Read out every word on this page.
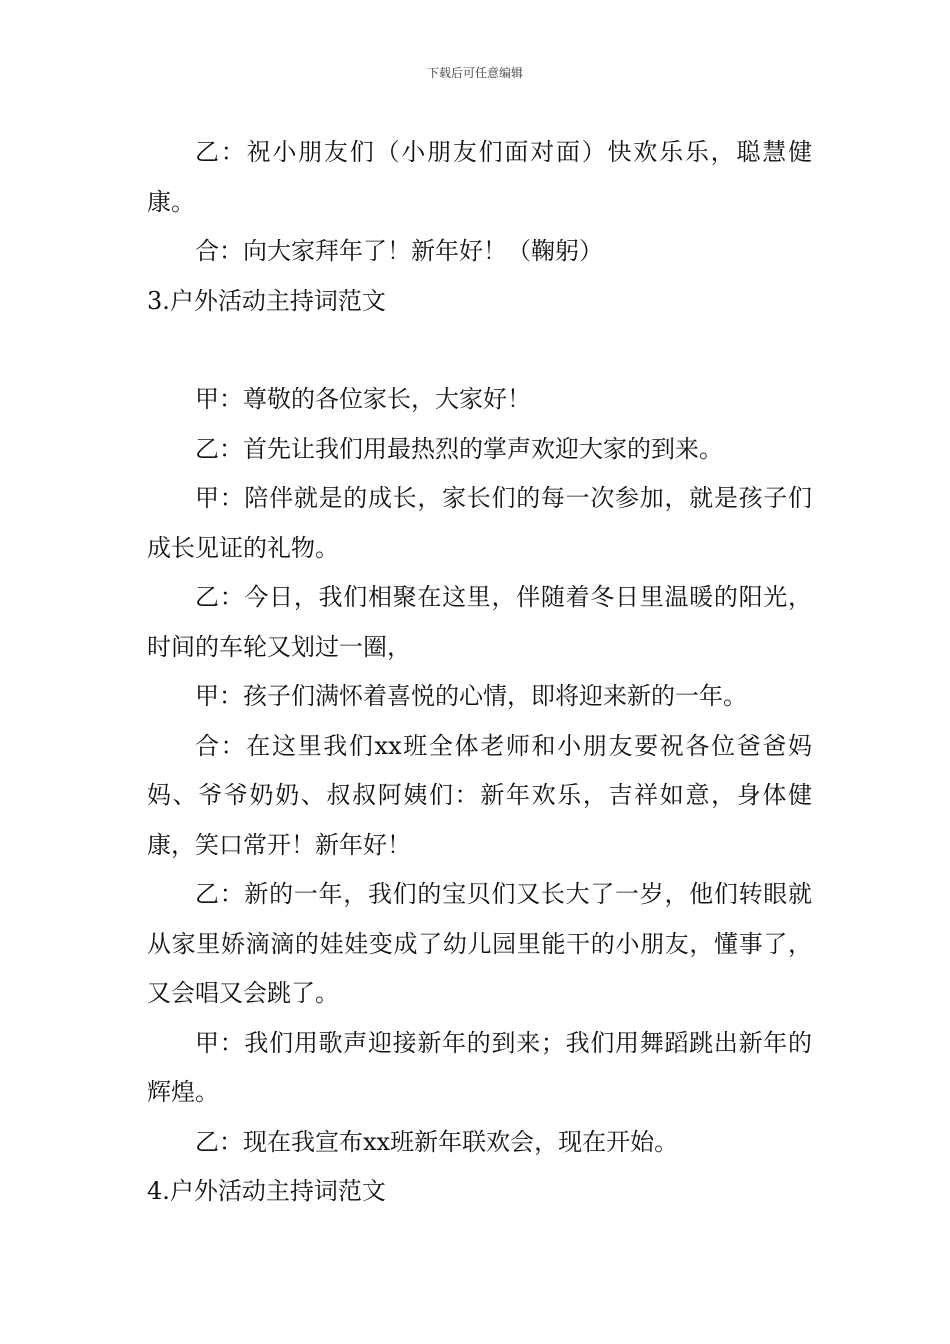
下载后可任意编辑

乙：祝小朋友们（小朋友们面对面）快欢乐乐，聪慧健康。

合：向大家拜年了！新年好！（鞠躬）

3.户外活动主持词范文

甲：尊敬的各位家长，大家好！

乙：首先让我们用最热烈的掌声欢迎大家的到来。

甲：陪伴就是的成长，家长们的每一次参加，就是孩子们成长见证的礼物。

乙：今日，我们相聚在这里，伴随着冬日里温暖的阳光，时间的车轮又划过一圈，

甲：孩子们满怀着喜悦的心情，即将迎来新的一年。

合：在这里我们xx班全体老师和小朋友要祝各位爸爸妈妈、爷爷奶奶、叔叔阿姨们：新年欢乐，吉祥如意，身体健康，笑口常开！新年好！

乙：新的一年，我们的宝贝们又长大了一岁，他们转眼就从家里娇滴滴的娃娃变成了幼儿园里能干的小朋友，懂事了，又会唱又会跳了。

甲：我们用歌声迎接新年的到来；我们用舞蹈跳出新年的辉煌。

乙：现在我宣布xx班新年联欢会，现在开始。

4.户外活动主持词范文
